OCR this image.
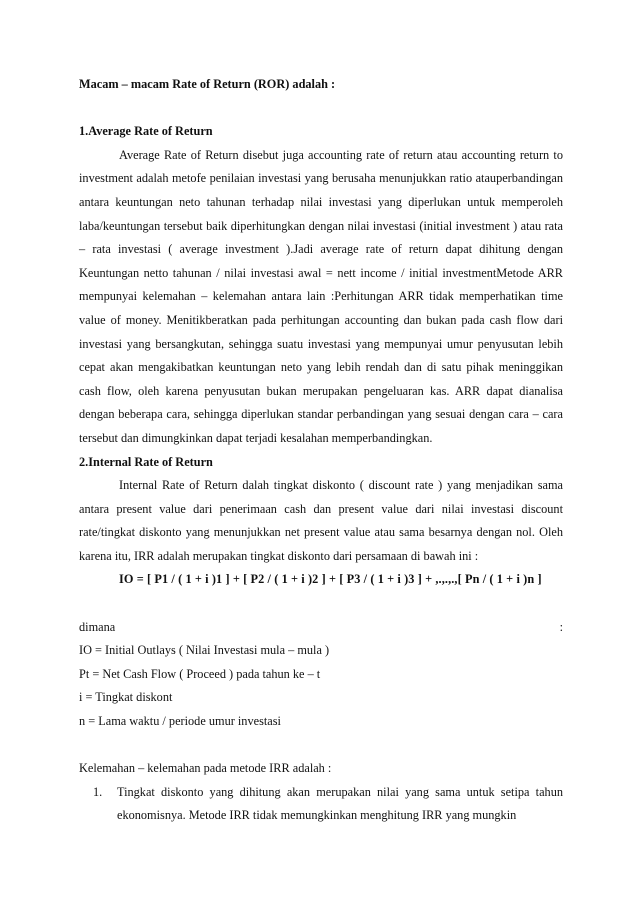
Macam – macam Rate of Return (ROR) adalah :

1.Average Rate of Return

Average Rate of Return disebut juga accounting rate of return atau accounting return to investment adalah metofe penilaian investasi yang berusaha menunjukkan ratio atauperbandingan antara keuntungan neto tahunan terhadap nilai investasi yang diperlukan untuk memperoleh laba/keuntungan tersebut baik diperhitungkan dengan nilai investasi (initial investment ) atau rata – rata investasi ( average investment ).Jadi average rate of return dapat dihitung dengan Keuntungan netto tahunan / nilai investasi awal = nett income / initial investmentMetode ARR mempunyai kelemahan – kelemahan antara lain :Perhitungan ARR tidak memperhatikan time value of money. Menitikberatkan pada perhitungan accounting dan bukan pada cash flow dari investasi yang bersangkutan, sehingga suatu investasi yang mempunyai umur penyusutan lebih cepat akan mengakibatkan keuntungan neto yang lebih rendah dan di satu pihak meninggikan cash flow, oleh karena penyusutan bukan merupakan pengeluaran kas. ARR dapat dianalisa dengan beberapa cara, sehingga diperlukan standar perbandingan yang sesuai dengan cara – cara tersebut dan dimungkinkan dapat terjadi kesalahan memperbandingkan.

2.Internal Rate of Return

Internal Rate of Return dalah tingkat diskonto ( discount rate ) yang menjadikan sama antara present value dari penerimaan cash dan present value dari nilai investasi discount rate/tingkat diskonto yang menunjukkan net present value atau sama besarnya dengan nol. Oleh karena itu, IRR adalah merupakan tingkat diskonto dari persamaan di bawah ini :

IO = [ P1 / ( 1 + i )1 ] + [ P2 / ( 1 + i )2 ] + [ P3 / ( 1 + i )3 ] + ,.,.,.,[ Pn / ( 1 + i )n ]

dimana	:

IO = Initial Outlays ( Nilai Investasi mula – mula )

Pt = Net Cash Flow ( Proceed ) pada tahun ke – t

i = Tingkat diskont

n = Lama waktu / periode umur investasi

Kelemahan – kelemahan pada metode IRR adalah :

1.	Tingkat diskonto yang dihitung akan merupakan nilai yang sama untuk setipa tahun ekonomisnya. Metode IRR tidak memungkinkan menghitung IRR yang mungkin
